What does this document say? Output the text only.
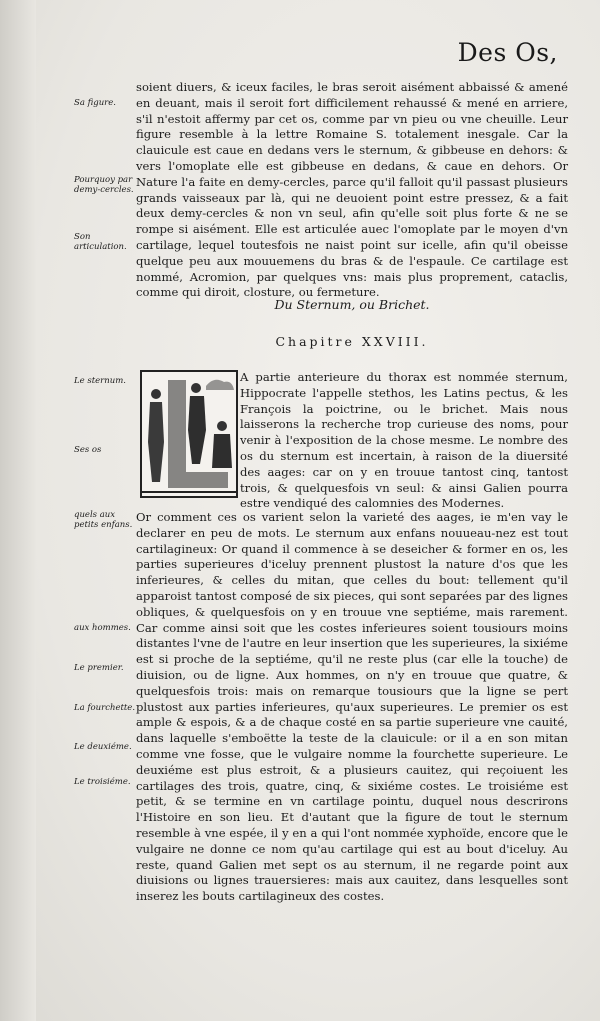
Des Os,
Sa figure.
Pourquoy par demy-cercles.
Son articulation.
Le sternum.
Ses os
quels aux petits enfans.
aux hommes.
Le premier.
La fourchette.
Le deuxiéme.
Le troisiéme.

soient diuers, & iceux faciles, le bras seroit aisément abbaissé & amené en deuant, mais il seroit fort difficilement rehaussé & mené en arriere, s'il n'estoit affermy par cet os, comme par vn pieu ou vne cheuille. Leur figure resemble à la lettre Romaine S. totalement inesgale. Car la clauicule est caue en dedans vers le sternum, & gibbeuse en dehors: & vers l'omoplate elle est gibbeuse en dedans, & caue en dehors. Or Nature l'a faite en demy-cercles, parce qu'il falloit qu'il passast plusieurs grands vaisseaux par là, qui ne deuoient point estre pressez, & a fait deux demy-cercles & non vn seul, afin qu'elle soit plus forte & ne se rompe si aisément. Elle est articulée auec l'omoplate par le moyen d'vn cartilage, lequel toutesfois ne naist point sur icelle, afin qu'il obeisse quelque peu aux mouuemens du bras & de l'espaule. Ce cartilage est nommé, Acromion, par quelques vns: mais plus proprement, cataclis, comme qui diroit, closture, ou fermeture.

Du Sternum, ou Brichet.
Chapitre XXVIII.

A partie anterieure du thorax est nommée sternum, Hippocrate l'appelle stethos, les Latins pectus, & les François la poictrine, ou le brichet. Mais nous laisserons la recherche trop curieuse des noms, pour venir à l'exposition de la chose mesme. Le nombre des os du sternum est incertain, à raison de la diuersité des aages: car on y en trouue tantost cinq, tantost trois, & quelquesfois vn seul: & ainsi Galien pourra estre vendiqué des calomnies des Modernes.

Or comment ces os varient selon la varieté des aages, ie m'en vay le declarer en peu de mots. Le sternum aux enfans nouueau-nez est tout cartilagineux: Or quand il commence à se deseicher & former en os, les parties superieures d'iceluy prennent plustost la nature d'os que les inferieures, & celles du mitan, que celles du bout: tellement qu'il apparoist tantost composé de six pieces, qui sont separées par des lignes obliques, & quelquesfois on y en trouue vne septiéme, mais rarement. Car comme ainsi soit que les costes inferieures soient tousiours moins distantes l'vne de l'autre en leur insertion que les superieures, la sixiéme est si proche de la septiéme, qu'il ne reste plus (car elle la touche) de diuision, ou de ligne. Aux hommes, on n'y en trouue que quatre, & quelquesfois trois: mais on remarque tousiours que la ligne se pert plustost aux parties inferieures, qu'aux superieures. Le premier os est ample & espois, & a de chaque costé en sa partie superieure vne cauité, dans laquelle s'emboëtte la teste de la clauicule: or il a en son mitan comme vne fosse, que le vulgaire nomme la fourchette superieure. Le deuxiéme est plus estroit, & a plusieurs cauitez, qui reçoiuent les cartilages des trois, quatre, cinq, & sixiéme costes. Le troisiéme est petit, & se termine en vn cartilage pointu, duquel nous descrirons l'Histoire en son lieu. Et d'autant que la figure de tout le sternum resemble à vne espée, il y en a qui l'ont nommée xyphoïde, encore que le vulgaire ne donne ce nom qu'au cartilage qui est au bout d'iceluy. Au reste, quand Galien met sept os au sternum, il ne regarde point aux diuisions ou lignes trauersieres: mais aux cauitez, dans lesquelles sont inserez les bouts cartilagineux des costes.
